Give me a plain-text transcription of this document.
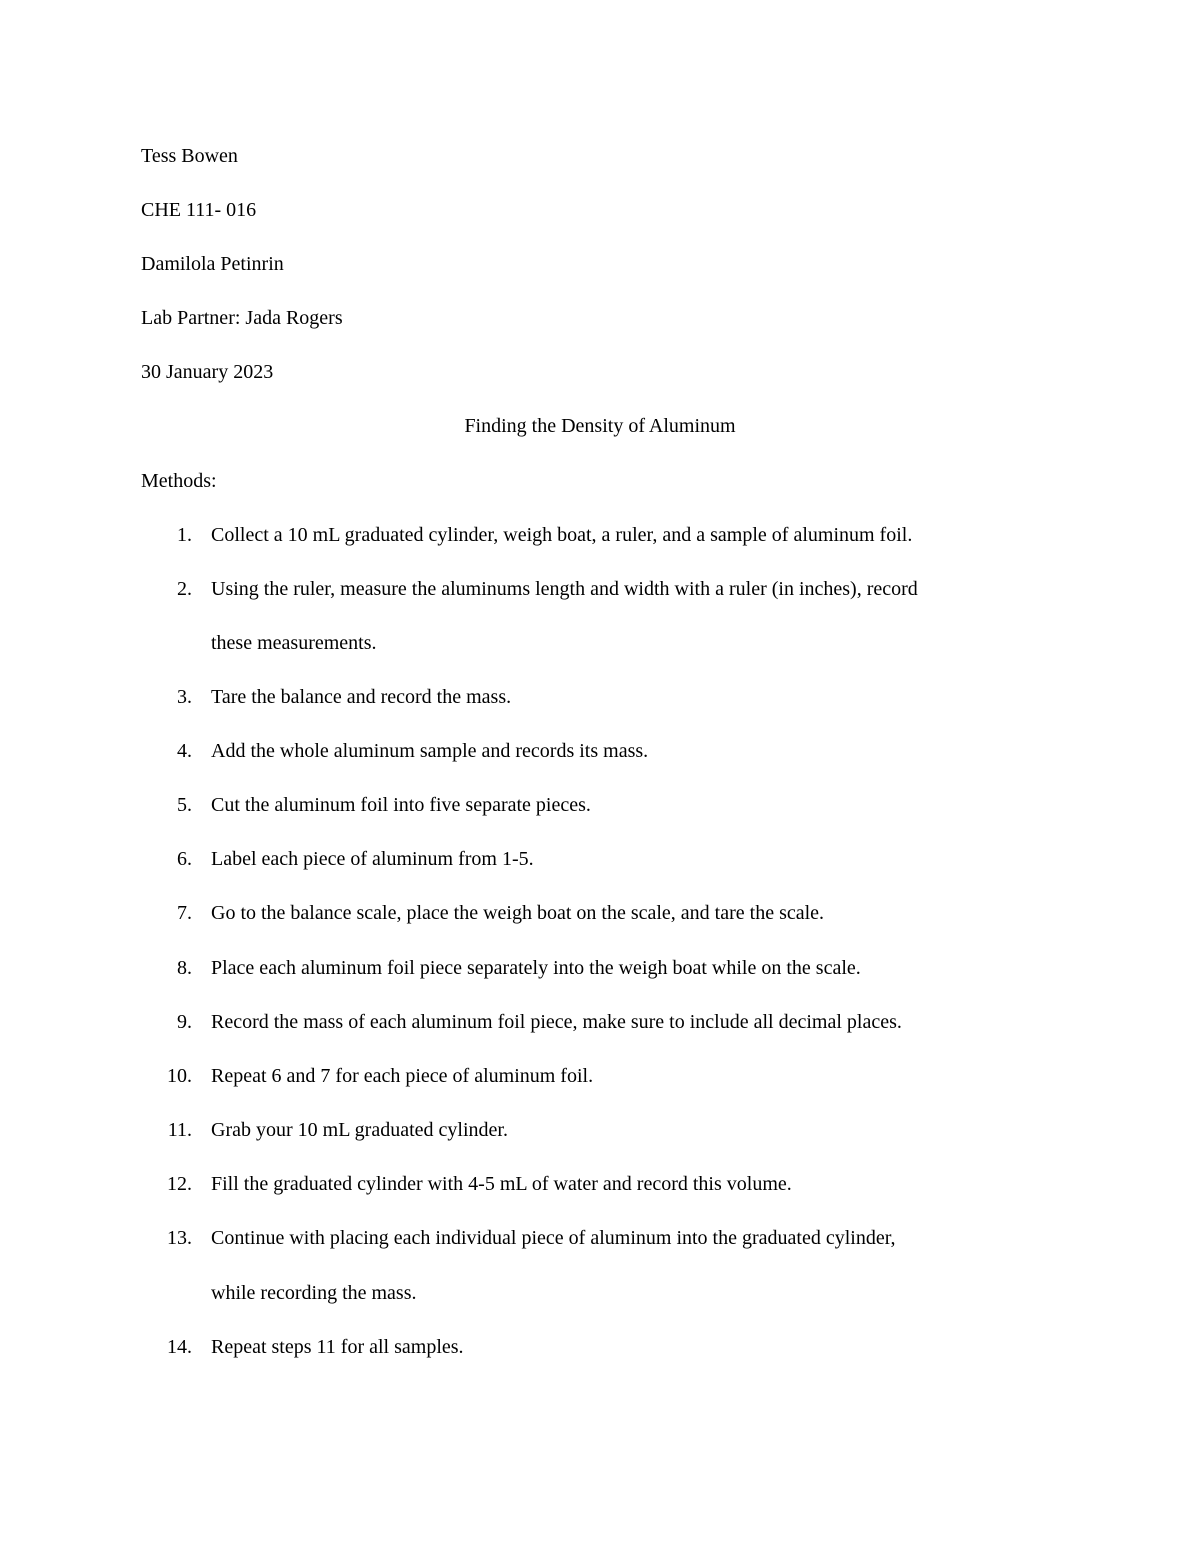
Tess Bowen
CHE 111- 016
Damilola Petinrin
Lab Partner: Jada Rogers
30 January 2023
Finding the Density of Aluminum
Methods:
1. Collect a 10 mL graduated cylinder, weigh boat, a ruler, and a sample of aluminum foil.
2. Using the ruler, measure the aluminums length and width with a ruler (in inches), record
these measurements.
3. Tare the balance and record the mass.
4. Add the whole aluminum sample and records its mass.
5. Cut the aluminum foil into five separate pieces.
6. Label each piece of aluminum from 1-5.
7. Go to the balance scale, place the weigh boat on the scale, and tare the scale.
8. Place each aluminum foil piece separately into the weigh boat while on the scale.
9. Record the mass of each aluminum foil piece, make sure to include all decimal places.
10. Repeat 6 and 7 for each piece of aluminum foil.
11. Grab your 10 mL graduated cylinder.
12. Fill the graduated cylinder with 4-5 mL of water and record this volume.
13. Continue with placing each individual piece of aluminum into the graduated cylinder,
while recording the mass.
14. Repeat steps 11 for all samples.
